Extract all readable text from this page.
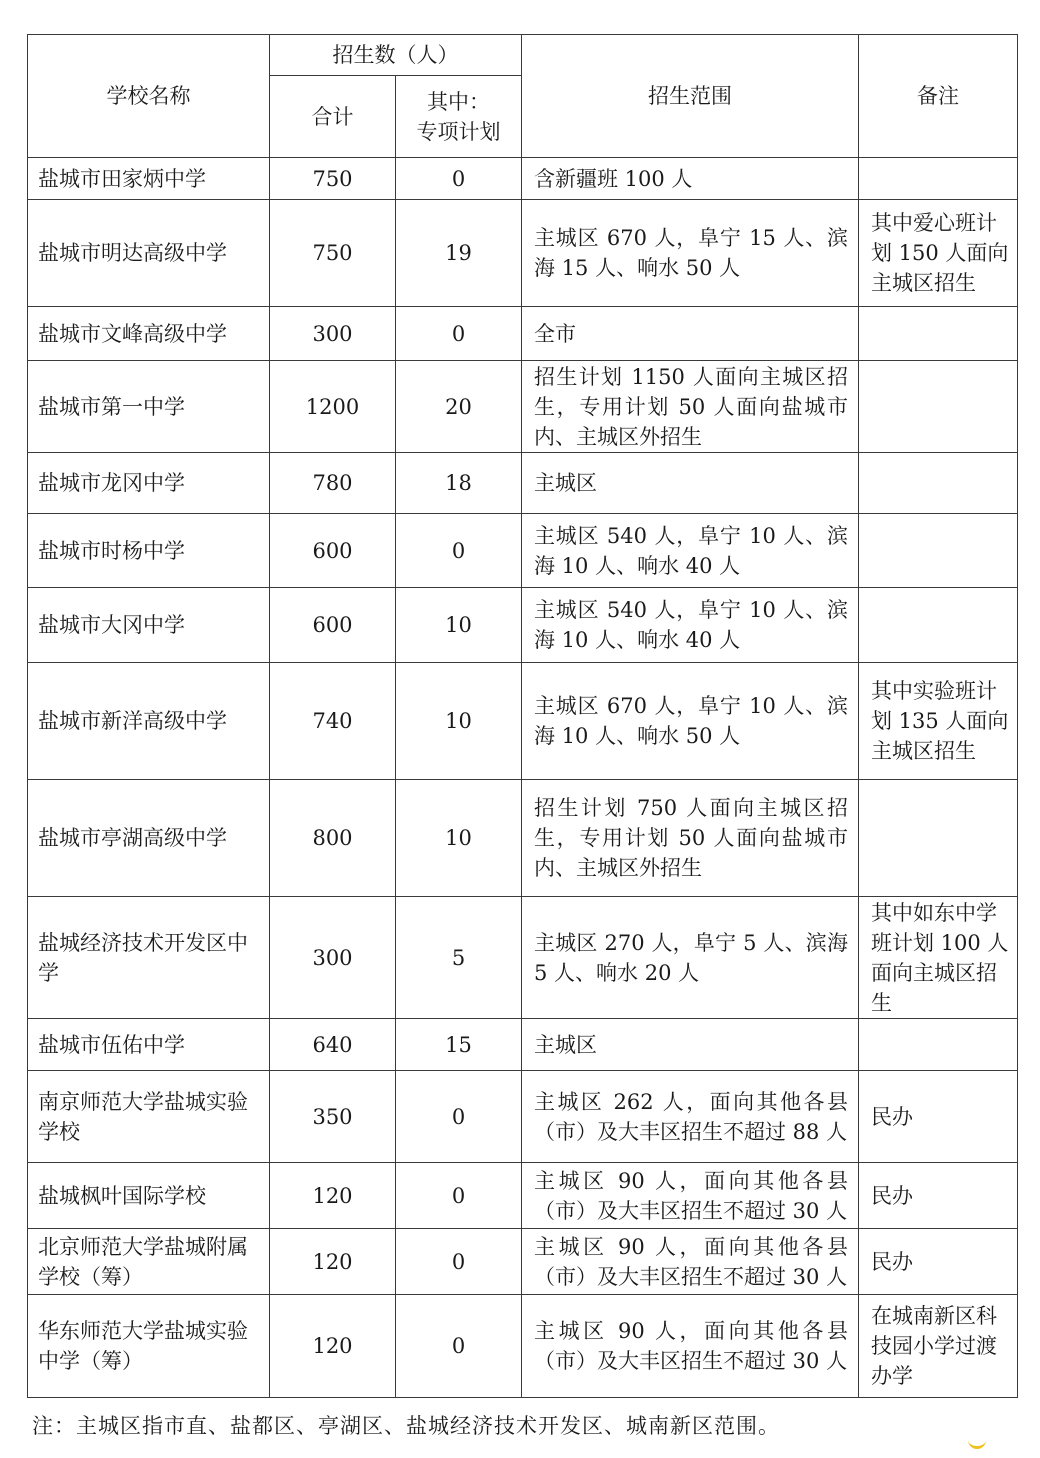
学校名称	招生数（人）		招生范围	备注
	合计	其中：
专项计划		

盐城市田家炳中学	750	0	含新疆班 100 人	
盐城市明达高级中学	750	19	主城区 670 人，阜宁 15 人、滨海 15 人、响水 50 人	其中爱心班计划 150 人面向主城区招生
盐城市文峰高级中学	300	0	全市	
盐城市第一中学	1200	20	招生计划 1150 人面向主城区招生，专用计划 50 人面向盐城市内、主城区外招生	
盐城市龙冈中学	780	18	主城区	
盐城市时杨中学	600	0	主城区 540 人，阜宁 10 人、滨海 10 人、响水 40 人	
盐城市大冈中学	600	10	主城区 540 人，阜宁 10 人、滨海 10 人、响水 40 人	
盐城市新洋高级中学	740	10	主城区 670 人，阜宁 10 人、滨海 10 人、响水 50 人	其中实验班计划 135 人面向主城区招生
盐城市亭湖高级中学	800	10	招生计划 750 人面向主城区招生，专用计划 50 人面向盐城市内、主城区外招生	
盐城经济技术开发区中学	300	5	主城区 270 人，阜宁 5 人、滨海 5 人、响水 20 人	其中如东中学班计划 100 人面向主城区招生
盐城市伍佑中学	640	15	主城区	
南京师范大学盐城实验学校	350	0	主城区 262 人，面向其他各县（市）及大丰区招生不超过 88 人	民办
盐城枫叶国际学校	120	0	主城区 90 人，面向其他各县（市）及大丰区招生不超过 30 人	民办
北京师范大学盐城附属学校（筹）	120	0	主城区 90 人，面向其他各县（市）及大丰区招生不超过 30 人	民办
华东师范大学盐城实验中学（筹）	120	0	主城区 90 人，面向其他各县（市）及大丰区招生不超过 30 人	在城南新区科技园小学过渡办学
注：主城区指市直、盐都区、亭湖区、盐城经济技术开发区、城南新区范围。
